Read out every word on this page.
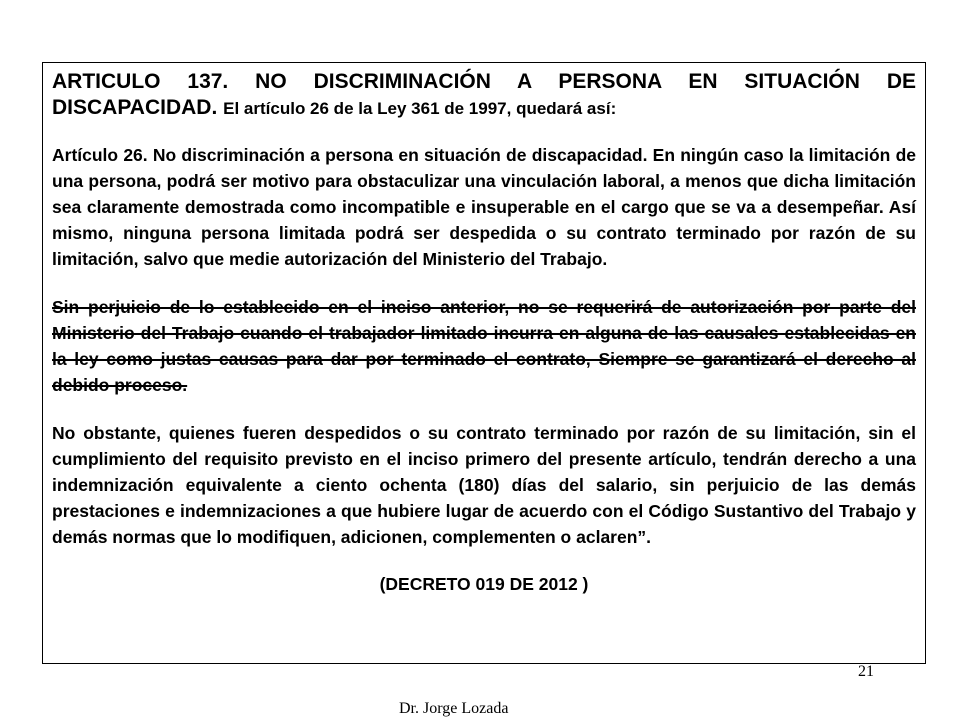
ARTICULO 137. NO DISCRIMINACIÓN A PERSONA EN SITUACIÓN DE DISCAPACIDAD. El artículo 26 de la Ley 361 de 1997, quedará así:

Artículo 26. No discriminación a persona en situación de discapacidad. En ningún caso la limitación de una persona, podrá ser motivo para obstaculizar una vinculación laboral, a menos que dicha limitación sea claramente demostrada como incompatible e insuperable en el cargo que se va a desempeñar. Así mismo, ninguna persona limitada podrá ser despedida o su contrato terminado por razón de su limitación, salvo que medie autorización del Ministerio del Trabajo.

Sin perjuicio de lo establecido en el inciso anterior, no se requerirá de autorización por parte del Ministerio del Trabajo cuando el trabajador limitado incurra en alguna de las causales establecidas en la ley como justas causas para dar por terminado el contrato, Siempre se garantizará el derecho al debido proceso.

No obstante, quienes fueren despedidos o su contrato terminado por razón de su limitación, sin el cumplimiento del requisito previsto en el inciso primero del presente artículo, tendrán derecho a una indemnización equivalente a ciento ochenta (180) días del salario, sin perjuicio de las demás prestaciones e indemnizaciones a que hubiere lugar de acuerdo con el Código Sustantivo del Trabajo y demás normas que lo modifiquen, adicionen, complementen o aclaren”.

(DECRETO 019 DE 2012 )

21
Dr. Jorge Lozada
